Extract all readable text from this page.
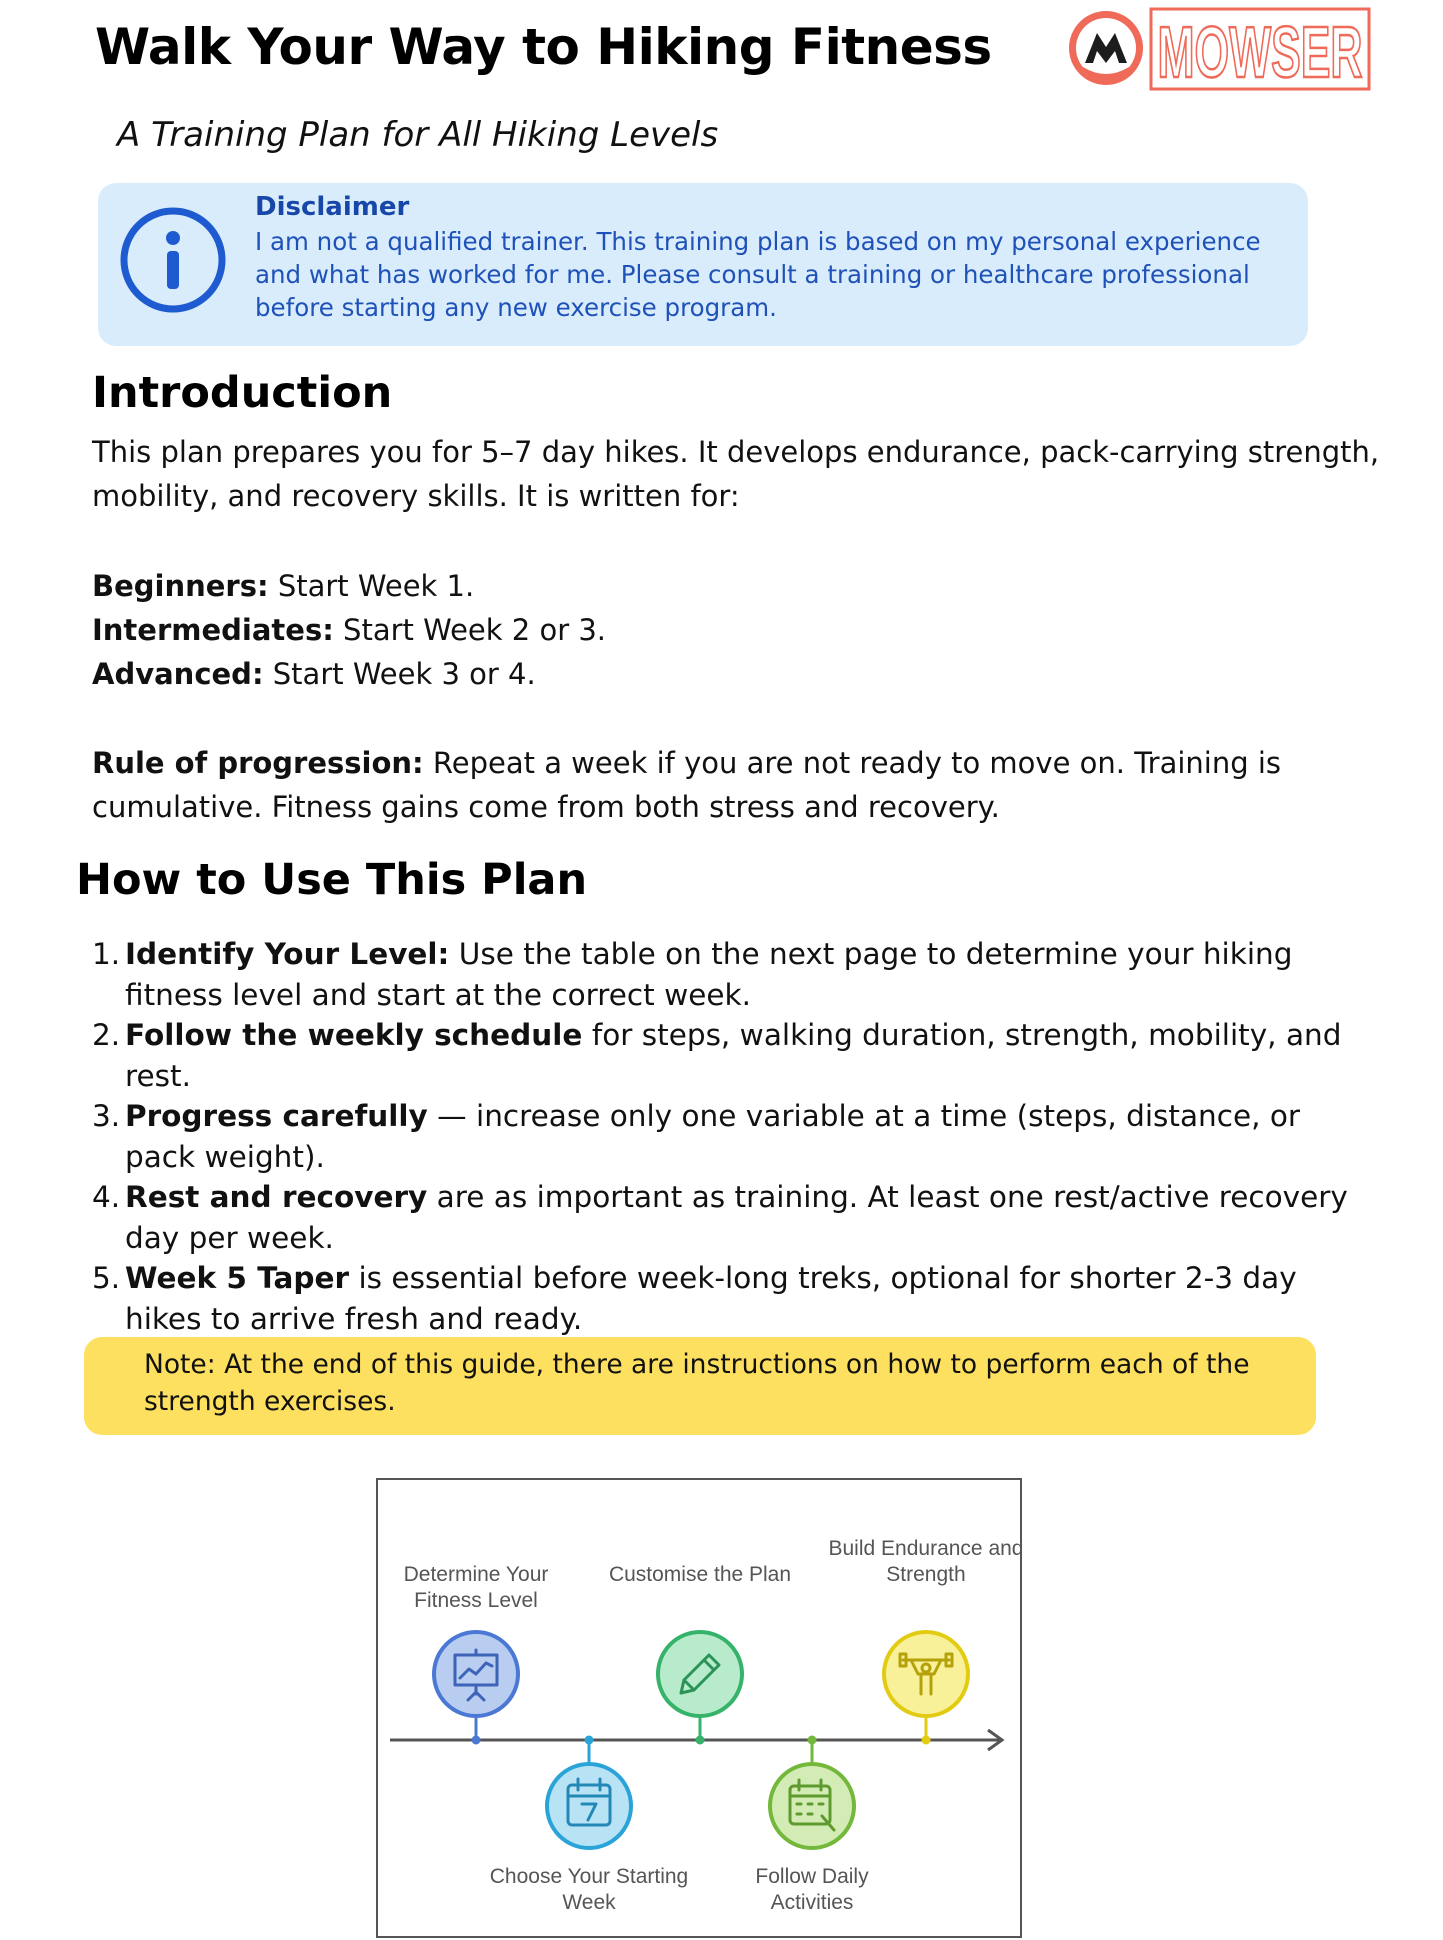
Walk Your Way to Hiking Fitness
A Training Plan for All Hiking Levels
MOWSER
Disclaimer
I am not a qualified trainer. This training plan is based on my personal experience and what has worked for me. Please consult a training or healthcare professional before starting any new exercise program.
Introduction
This plan prepares you for 5–7 day hikes. It develops endurance, pack-carrying strength, mobility, and recovery skills. It is written for:
Beginners: Start Week 1.
Intermediates: Start Week 2 or 3.
Advanced: Start Week 3 or 4.
Rule of progression: Repeat a week if you are not ready to move on. Training is cumulative. Fitness gains come from both stress and recovery.
How to Use This Plan
1. Identify Your Level: Use the table on the next page to determine your hiking fitness level and start at the correct week.
2. Follow the weekly schedule for steps, walking duration, strength, mobility, and rest.
3. Progress carefully — increase only one variable at a time (steps, distance, or pack weight).
4. Rest and recovery are as important as training. At least one rest/active recovery day per week.
5. Week 5 Taper is essential before week-long treks, optional for shorter 2-3 day hikes to arrive fresh and ready.
Note: At the end of this guide, there are instructions on how to perform each of the strength exercises.
Determine Your Fitness Level
Customise the Plan
Build Endurance and Strength
Choose Your Starting Week
Follow Daily Activities
